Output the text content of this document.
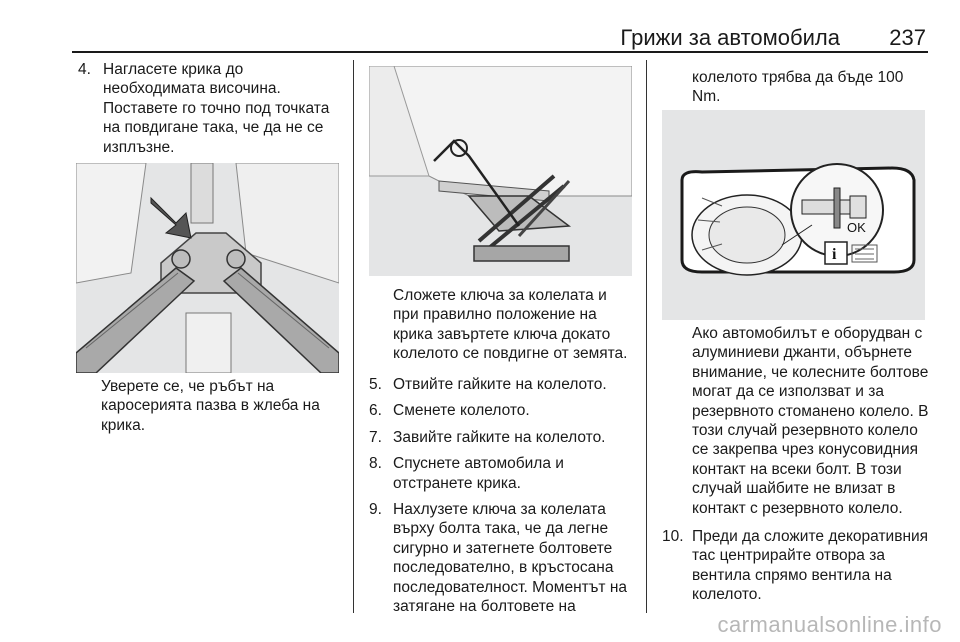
Грижи за автомобила 237
4. Нагласете крика до необходимата височина. Поставете го точно под точката на повдигане така, че да не се изплъзне.

Уверете се, че ръбът на каросерията пазва в жлеба на крика.

Сложете ключа за колелата и при правилно положение на крика завъртете ключа докато колелото се повдигне от земята.

5. Отвийте гайките на колелото.

6. Сменете колелото.

7. Завийте гайките на колелото.

8. Спуснете автомобила и отстранете крика.

9. Нахлузете ключа за колелата върху болта така, че да легне сигурно и затегнете болтовете последователно, в кръстосана последователност. Моментът на затягане на болтовете на

колелото трябва да бъде 100 Nm.

OK
i

Ако автомобилът е оборудван с алуминиеви джанти, обърнете внимание, че колесните болтове могат да се използват и за резервното стоманено колело. В този случай резервното колело се закрепва чрез конусовидния контакт на всеки болт. В този случай шайбите не влизат в контакт с резервното колело.

10. Преди да сложите декоративния тас центрирайте отвора за вентила спрямо вентила на колелото.

carmanualsonline.info
